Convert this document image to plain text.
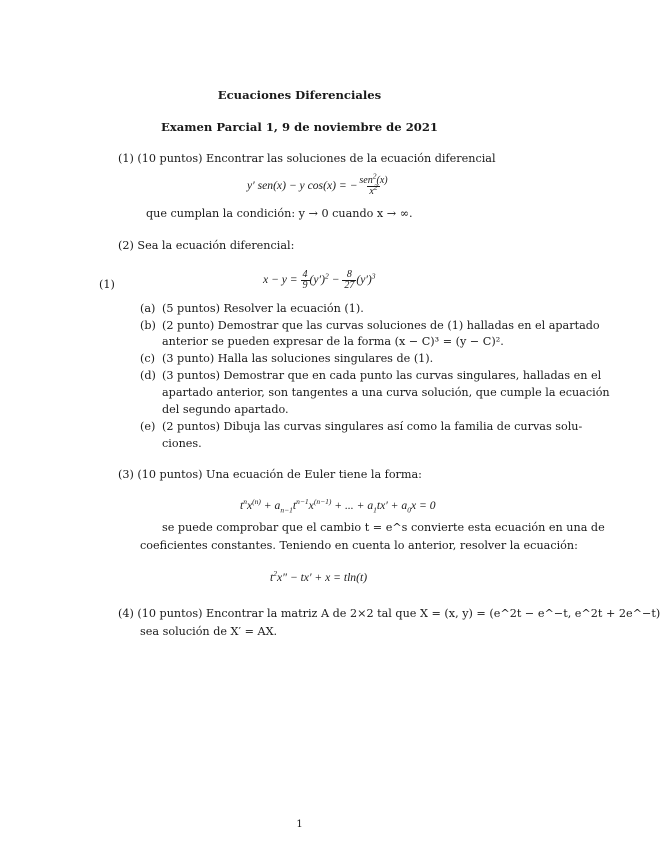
Ecuaciones Diferenciales
Examen Parcial 1, 9 de noviembre de 2021
(1) (10 puntos) Encontrar las soluciones de la ecuación diferencial
y′ sen(x) − y cos(x) = − $\frac{sen^2(x)}{x^2}$
que cumplan la condición: y → 0 cuando x → ∞.
(2) Sea la ecuación diferencial:
(1)	$x - y = \frac{4}{9} (y')^2 - \frac{8}{27} (y')^3$
(a) (5 puntos) Resolver la ecuación (1).
(b) (2 punto) Demostrar que las curvas soluciones de (1) halladas en el apartado
anterior se pueden expresar de la forma (x − C)³ = (y − C)².
(c) (3 punto) Halla las soluciones singulares de (1).
(d) (3 puntos) Demostrar que en cada punto las curvas singulares, halladas en el
apartado anterior, son tangentes a una curva solución, que cumple la ecuación
del segundo apartado.
(e) (2 puntos) Dibuja las curvas singulares así como la familia de curvas solu-
ciones.
(3) (10 puntos) Una ecuación de Euler tiene la forma:
$t^nx^{(n)} + a_{n-1}t^{n-1}x^{(n-1)}$ + ... + $a_1tx' + a_0x = 0$
se puede comprobar que el cambio t = e^s convierte esta ecuación en una de
coeficientes constantes. Teniendo en cuenta lo anterior, resolver la ecuación:
$t^2x'' - tx' + x = tln(t)$
(4) (10 puntos) Encontrar la matriz A de 2×2 tal que X = (x, y) = (e^2t − e^−t, e^2t + 2e^−t)
sea solución de X′ = AX.
1
